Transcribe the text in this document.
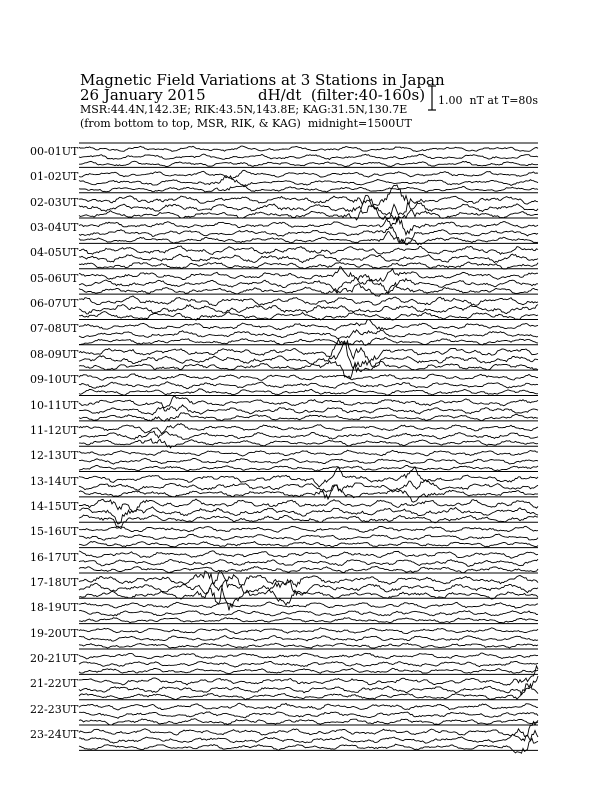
Magnetic Field Variations at 3 Stations in Japan
26 January 2015	dH/dt (filter:40-160s)
MSR:44.4N,142.3E; RIK:43.5N,143.8E; KAG:31.5N,130.7E
(from bottom to top, MSR, RIK, & KAG) midnight=1500UT
1.00  nT at T=80s
00-01UT
01-02UT
02-03UT
03-04UT
04-05UT
05-06UT
06-07UT
07-08UT
08-09UT
09-10UT
10-11UT
11-12UT
12-13UT
13-14UT
14-15UT
15-16UT
16-17UT
17-18UT
18-19UT
19-20UT
20-21UT
21-22UT
22-23UT
23-24UT
